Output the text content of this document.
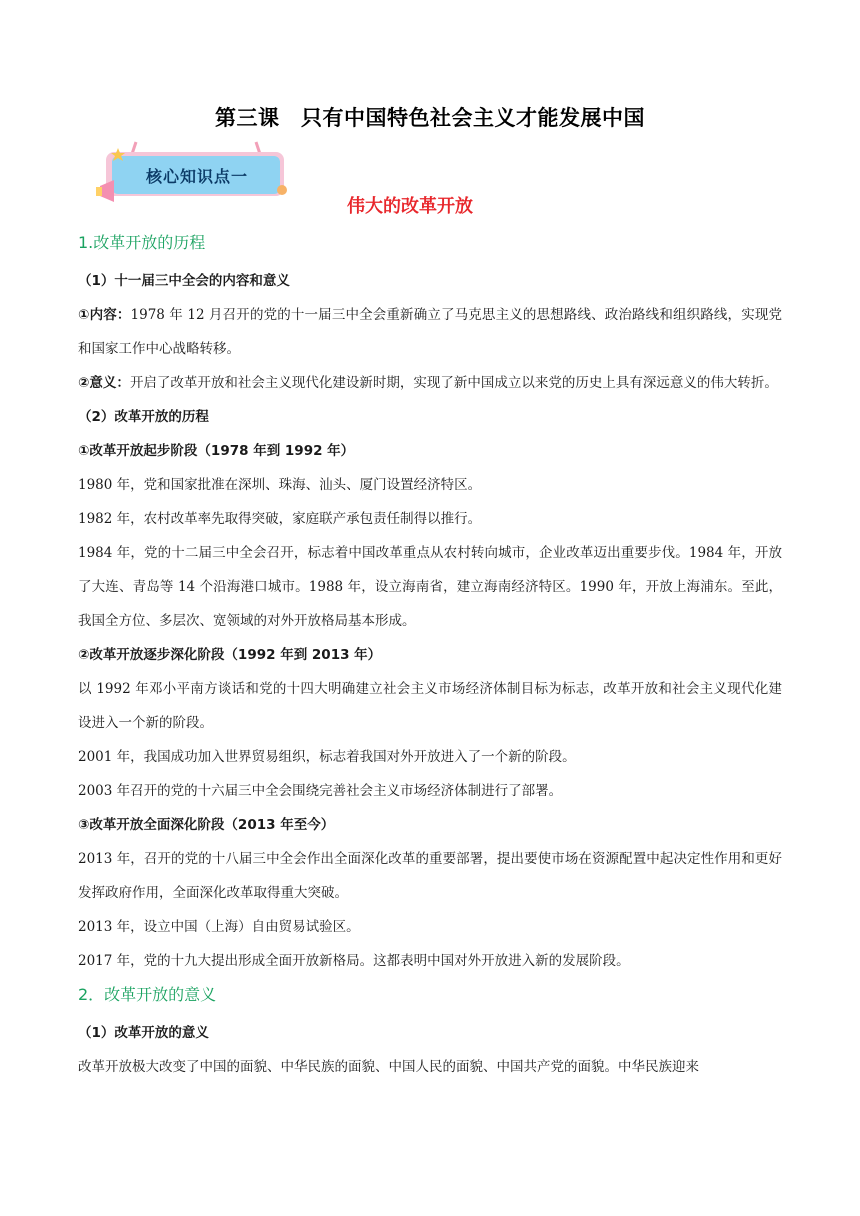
第三课　只有中国特色社会主义才能发展中国
核心知识点一
伟大的改革开放
1.改革开放的历程
（1）十一届三中全会的内容和意义

①内容：1978 年 12 月召开的党的十一届三中全会重新确立了马克思主义的思想路线、政治路线和组织路线，实现党和国家工作中心战略转移。

②意义：开启了改革开放和社会主义现代化建设新时期，实现了新中国成立以来党的历史上具有深远意义的伟大转折。

（2）改革开放的历程
①改革开放起步阶段（1978 年到 1992 年）

1980 年，党和国家批准在深圳、珠海、汕头、厦门设置经济特区。

1982 年，农村改革率先取得突破，家庭联产承包责任制得以推行。

1984 年，党的十二届三中全会召开，标志着中国改革重点从农村转向城市，企业改革迈出重要步伐。1984 年，开放了大连、青岛等 14 个沿海港口城市。1988 年，设立海南省，建立海南经济特区。1990 年，开放上海浦东。至此，我国全方位、多层次、宽领域的对外开放格局基本形成。

②改革开放逐步深化阶段（1992 年到 2013 年）

以 1992 年邓小平南方谈话和党的十四大明确建立社会主义市场经济体制目标为标志，改革开放和社会主义现代化建设进入一个新的阶段。

2001 年，我国成功加入世界贸易组织，标志着我国对外开放进入了一个新的阶段。

2003 年召开的党的十六届三中全会围绕完善社会主义市场经济体制进行了部署。

③改革开放全面深化阶段（2013 年至今）

2013 年，召开的党的十八届三中全会作出全面深化改革的重要部署，提出要使市场在资源配置中起决定性作用和更好发挥政府作用，全面深化改革取得重大突破。

2013 年，设立中国（上海）自由贸易试验区。

2017 年，党的十九大提出形成全面开放新格局。这都表明中国对外开放进入新的发展阶段。

2．改革开放的意义
（1）改革开放的意义

改革开放极大改变了中国的面貌、中华民族的面貌、中国人民的面貌、中国共产党的面貌。中华民族迎来
